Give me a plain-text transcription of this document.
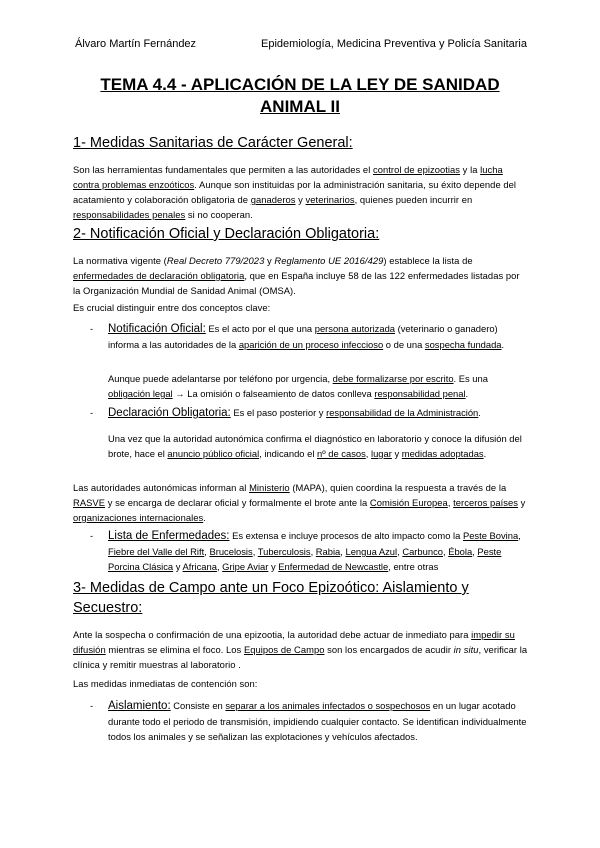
Álvaro Martín Fernández	Epidemiología, Medicina Preventiva y Policía Sanitaria
TEMA 4.4 - APLICACIÓN DE LA LEY DE SANIDAD
ANIMAL II
1- Medidas Sanitarias de Carácter General:
Son las herramientas fundamentales que permiten a las autoridades el control de epizootias y la lucha contra problemas enzoóticos. Aunque son instituidas por la administración sanitaria, su éxito depende del acatamiento y colaboración obligatoria de ganaderos y veterinarios, quienes pueden incurrir en responsabilidades penales si no cooperan.
2- Notificación Oficial y Declaración Obligatoria:
La normativa vigente (Real Decreto 779/2023 y Reglamento UE 2016/429) establece la lista de enfermedades de declaración obligatoria, que en España incluye 58 de las 122 enfermedades listadas por la Organización Mundial de Sanidad Animal (OMSA).
Es crucial distinguir entre dos conceptos clave:
- Notificación Oficial: Es el acto por el que una persona autorizada (veterinario o ganadero) informa a las autoridades de la aparición de un proceso infeccioso o de una sospecha fundada.
Aunque puede adelantarse por teléfono por urgencia, debe formalizarse por escrito. Es una obligación legal → La omisión o falseamiento de datos conlleva responsabilidad penal.
- Declaración Obligatoria: Es el paso posterior y responsabilidad de la Administración.
Una vez que la autoridad autonómica confirma el diagnóstico en laboratorio y conoce la difusión del brote, hace el anuncio público oficial, indicando el nº de casos, lugar y medidas adoptadas.
Las autoridades autonómicas informan al Ministerio (MAPA), quien coordina la respuesta a través de la RASVE y se encarga de declarar oficial y formalmente el brote ante la Comisión Europea, terceros países y organizaciones internacionales.
- Lista de Enfermedades: Es extensa e incluye procesos de alto impacto como la Peste Bovina, Fiebre del Valle del Rift, Brucelosis, Tuberculosis, Rabia, Lengua Azul, Carbunco, Ébola, Peste Porcina Clásica y Africana, Gripe Aviar y Enfermedad de Newcastle, entre otras
3- Medidas de Campo ante un Foco Epizoótico: Aislamiento y
Secuestro:
Ante la sospecha o confirmación de una epizootia, la autoridad debe actuar de inmediato para impedir su difusión mientras se elimina el foco. Los Equipos de Campo son los encargados de acudir in situ, verificar la clínica y remitir muestras al laboratorio .
Las medidas inmediatas de contención son:
- Aislamiento: Consiste en separar a los animales infectados o sospechosos en un lugar acotado durante todo el periodo de transmisión, impidiendo cualquier contacto. Se identifican individualmente todos los animales y se señalizan las explotaciones y vehículos afectados.
